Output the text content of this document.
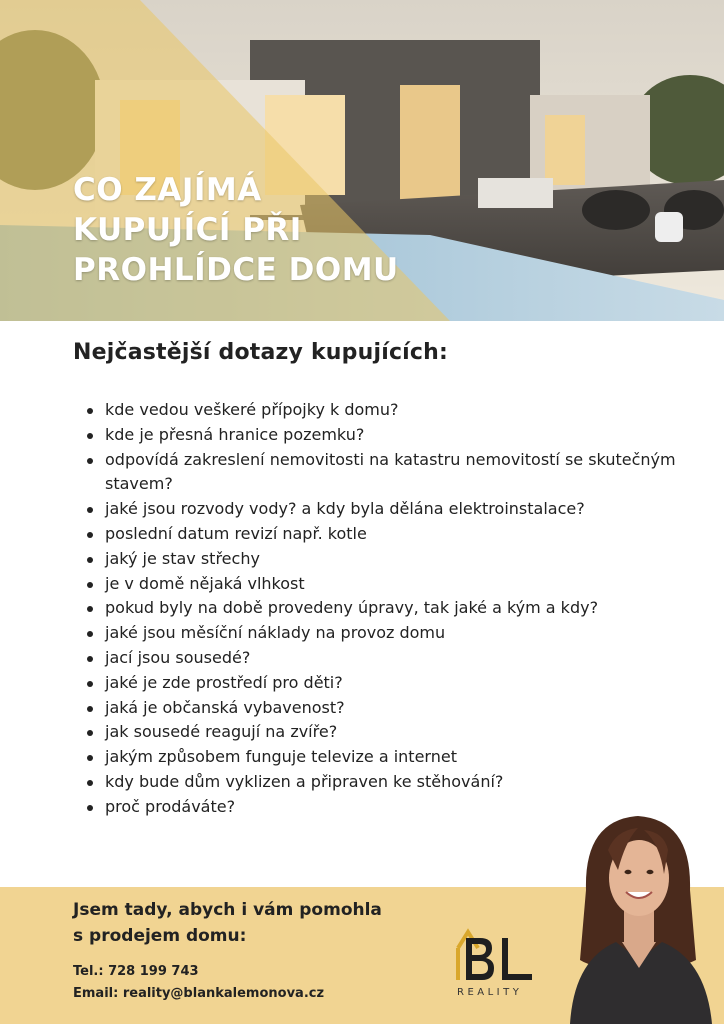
CO ZAJÍMÁ
KUPUJÍCÍ PŘI
PROHLÍDCE DOMU
Nejčastější dotazy kupujících:
kde vedou veškeré přípojky k domu?
kde je přesná hranice pozemku?
odpovídá zakreslení nemovitosti na katastru nemovitostí se skutečným stavem?
jaké jsou rozvody vody? a kdy byla dělána elektroinstalace?
poslední datum revizí např. kotle
jaký je stav střechy
je v domě nějaká vlhkost
pokud byly na době provedeny úpravy, tak jaké a kým a kdy?
jaké jsou měsíční náklady na provoz domu
jací jsou sousedé?
jaké je zde prostředí pro děti?
jaká je občanská vybavenost?
jak sousedé reagují na zvíře?
jakým způsobem funguje televize a internet
kdy bude dům vyklizen a připraven ke stěhování?
proč prodáváte?
Jsem tady, abych i vám pomohla
s prodejem domu:
Tel.: 728 199 743
Email: reality@blankalemonova.cz	REALITY
